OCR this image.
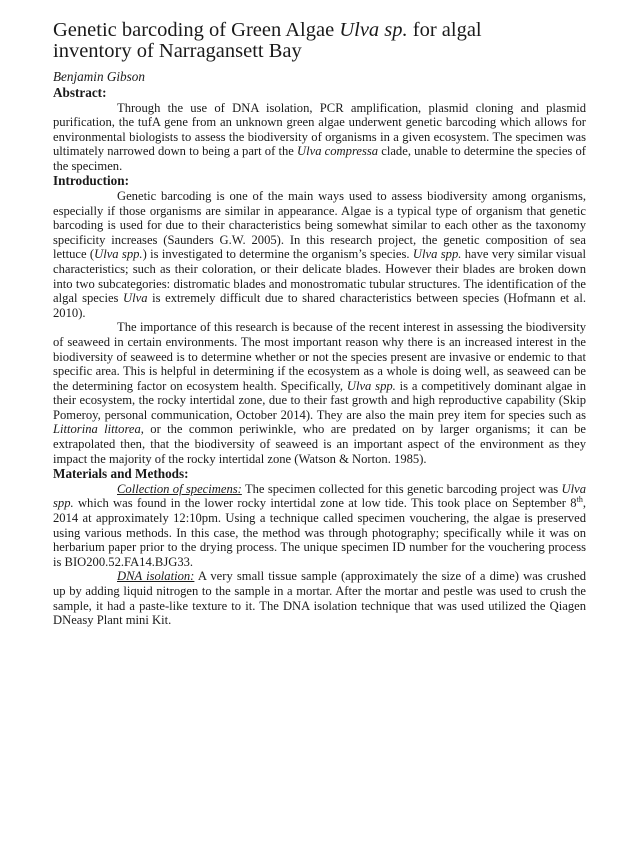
Genetic barcoding of Green Algae Ulva sp. for algal
inventory of Narragansett Bay
Benjamin Gibson
Abstract:

Through the use of DNA isolation, PCR amplification, plasmid cloning and plasmid purification, the tufA gene from an unknown green algae underwent genetic barcoding which allows for environmental biologists to assess the biodiversity of organisms in a given ecosystem. The specimen was ultimately narrowed down to being a part of the Ulva compressa clade, unable to determine the species of the specimen.

Introduction:

Genetic barcoding is one of the main ways used to assess biodiversity among organisms, especially if those organisms are similar in appearance. Algae is a typical type of organism that genetic barcoding is used for due to their characteristics being somewhat similar to each other as the taxonomy specificity increases (Saunders G.W. 2005). In this research project, the genetic composition of sea lettuce (Ulva spp.) is investigated to determine the organism’s species. Ulva spp. have very similar visual characteristics; such as their coloration, or their delicate blades. However their blades are broken down into two subcategories: distromatic blades and monostromatic tubular structures. The identification of the algal species Ulva is extremely difficult due to shared characteristics between species (Hofmann et al. 2010).

The importance of this research is because of the recent interest in assessing the biodiversity of seaweed in certain environments. The most important reason why there is an increased interest in the biodiversity of seaweed is to determine whether or not the species present are invasive or endemic to that specific area. This is helpful in determining if the ecosystem as a whole is doing well, as seaweed can be the determining factor on ecosystem health. Specifically, Ulva spp. is a competitively dominant algae in their ecosystem, the rocky intertidal zone, due to their fast growth and high reproductive capability (Skip Pomeroy, personal communication, October 2014). They are also the main prey item for species such as Littorina littorea, or the common periwinkle, who are predated on by larger organisms; it can be extrapolated then, that the biodiversity of seaweed is an important aspect of the environment as they impact the majority of the rocky intertidal zone (Watson & Norton. 1985).

Materials and Methods:

Collection of specimens: The specimen collected for this genetic barcoding project was Ulva spp. which was found in the lower rocky intertidal zone at low tide. This took place on September 8th, 2014 at approximately 12:10pm. Using a technique called specimen vouchering, the algae is preserved using various methods. In this case, the method was through photography; specifically while it was on herbarium paper prior to the drying process. The unique specimen ID number for the vouchering process is BIO200.52.FA14.BJG33.

DNA isolation: A very small tissue sample (approximately the size of a dime) was crushed up by adding liquid nitrogen to the sample in a mortar. After the mortar and pestle was used to crush the sample, it had a paste-like texture to it. The DNA isolation technique that was used utilized the Qiagen DNeasy Plant mini Kit.
